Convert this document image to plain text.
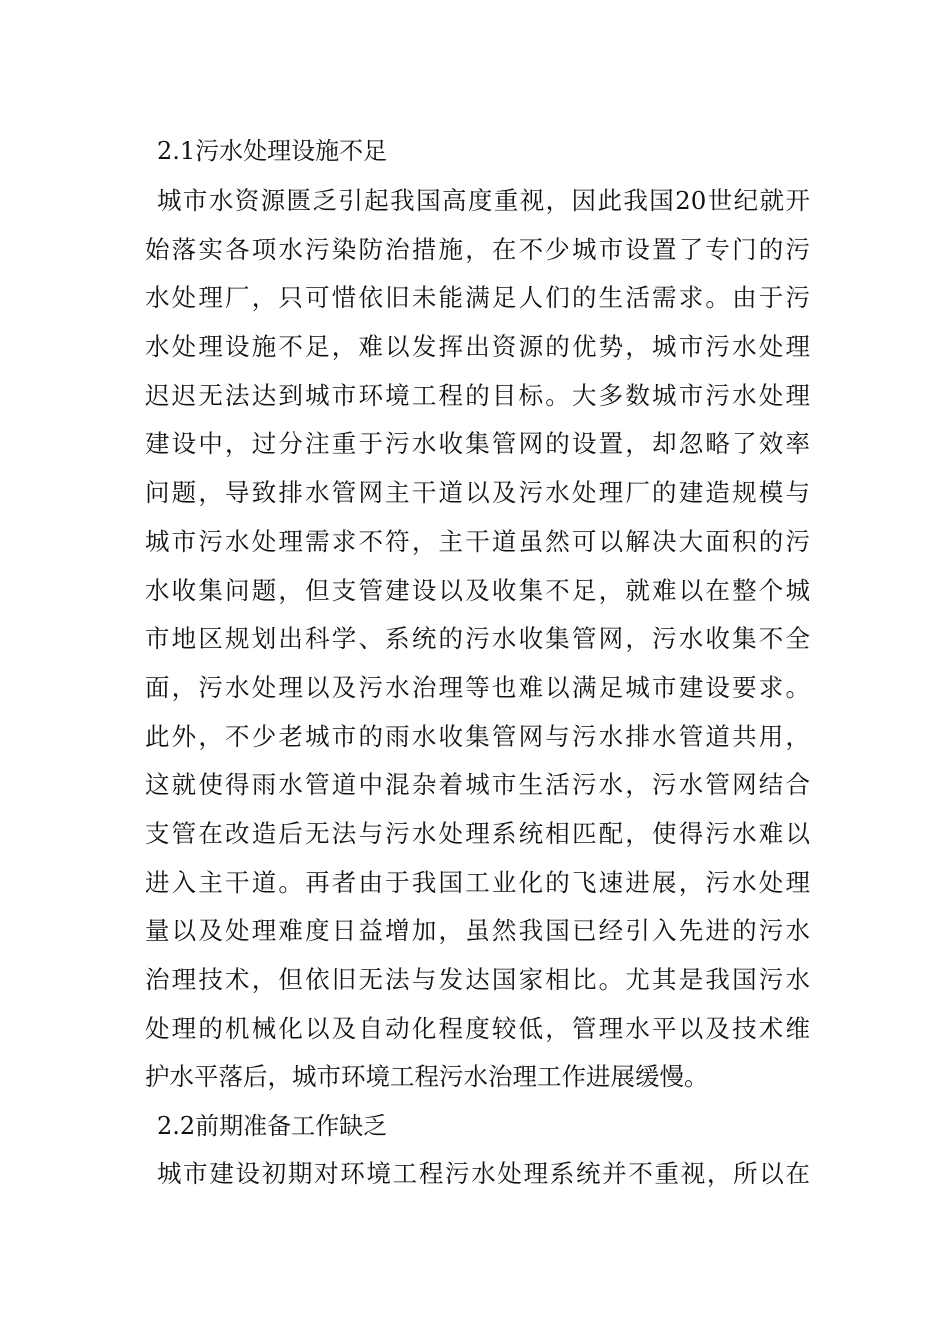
2.1污水处理设施不足

城市水资源匮乏引起我国高度重视，因此我国20世纪就开

始落实各项水污染防治措施，在不少城市设置了专门的污

水处理厂，只可惜依旧未能满足人们的生活需求。由于污

水处理设施不足，难以发挥出资源的优势，城市污水处理

迟迟无法达到城市环境工程的目标。大多数城市污水处理

建设中，过分注重于污水收集管网的设置，却忽略了效率

问题，导致排水管网主干道以及污水处理厂的建造规模与

城市污水处理需求不符，主干道虽然可以解决大面积的污

水收集问题，但支管建设以及收集不足，就难以在整个城

市地区规划出科学、系统的污水收集管网，污水收集不全

面，污水处理以及污水治理等也难以满足城市建设要求。

此外，不少老城市的雨水收集管网与污水排水管道共用，

这就使得雨水管道中混杂着城市生活污水，污水管网结合

支管在改造后无法与污水处理系统相匹配，使得污水难以

进入主干道。再者由于我国工业化的飞速进展，污水处理

量以及处理难度日益增加，虽然我国已经引入先进的污水

治理技术，但依旧无法与发达国家相比。尤其是我国污水

处理的机械化以及自动化程度较低，管理水平以及技术维

护水平落后，城市环境工程污水治理工作进展缓慢。

2.2前期准备工作缺乏

城市建设初期对环境工程污水处理系统并不重视，所以在
